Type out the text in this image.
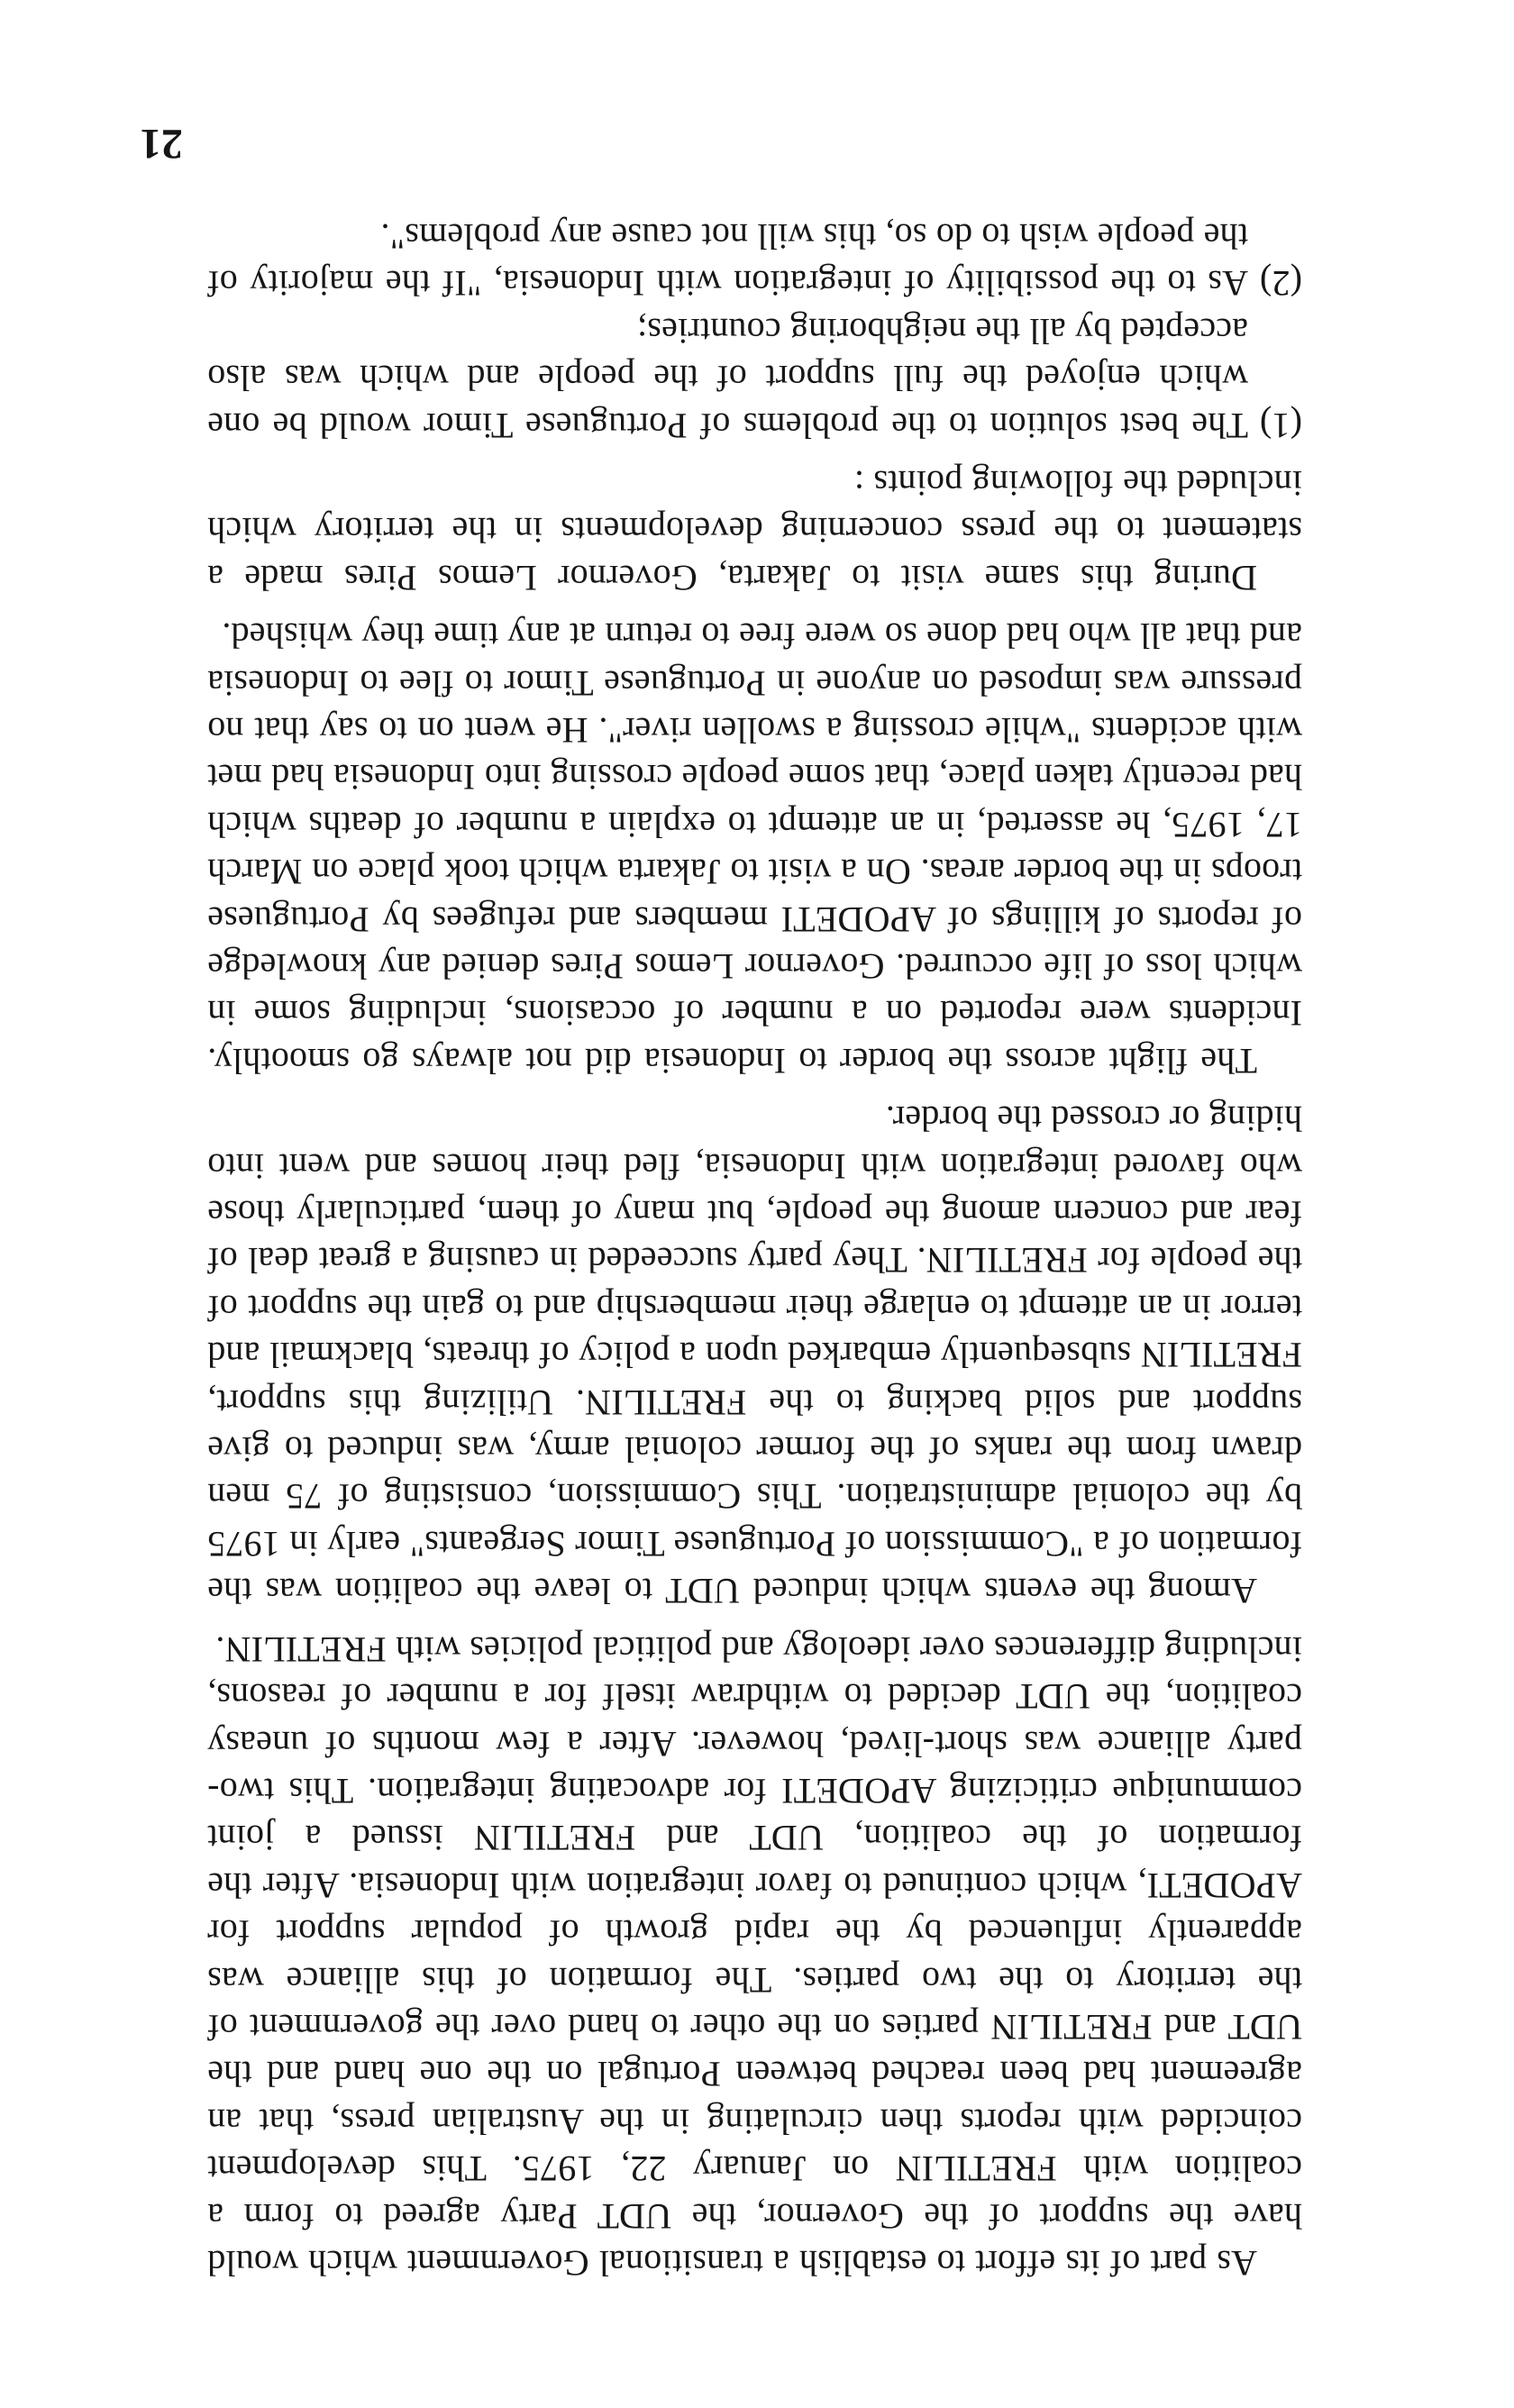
As part of its effort to establish a transitional Government which would have the support of the Governor, the UDT Party agreed to form a coalition with FRETILIN on January 22, 1975. This development coincided with reports then circulating in the Australian press, that an agreement had been reached between Portugal on the one hand and the UDT and FRETILIN parties on the other to hand over the government of the territory to the two parties. The formation of this alliance was apparently influenced by the rapid growth of popular support for APODETI, which continued to favor integration with Indonesia. After the formation of the coalition, UDT and FRETILIN issued a joint communique criticizing APODETI for advocating integration. This two-party alliance was short-lived, however. After a few months of uneasy coalition, the UDT decided to withdraw itself for a number of reasons, including differences over ideology and political policies with FRETILIN.

Among the events which induced UDT to leave the coalition was the formation of a "Commission of Portuguese Timor Sergeants" early in 1975 by the colonial administration. This Commission, consisting of 75 men drawn from the ranks of the former colonial army, was induced to give support and solid backing to the FRETILIN. Utilizing this support, FRETILIN subsequently embarked upon a policy of threats, blackmail and terror in an attempt to enlarge their membership and to gain the support of the people for FRETILIN. They party succeeded in causing a great deal of fear and concern among the people, but many of them, particularly those who favored integration with Indonesia, fled their homes and went into hiding or crossed the border.

The flight across the border to Indonesia did not always go smoothly. Incidents were reported on a number of occasions, including some in which loss of life occurred. Governor Lemos Pires denied any knowledge of reports of killings of APODETI members and refugees by Portuguese troops in the border areas. On a visit to Jakarta which took place on March 17, 1975, he asserted, in an attempt to explain a number of deaths which had recently taken place, that some people crossing into Indonesia had met with accidents "while crossing a swollen river". He went on to say that no pressure was imposed on anyone in Portuguese Timor to flee to Indonesia and that all who had done so were free to return at any time they whished.

During this same visit to Jakarta, Governor Lemos Pires made a statement to the press concerning developments in the territory which included the following points :

(1)
The best solution to the problems of Portuguese Timor would be one which enjoyed the full support of the people and which was also accepted by all the neighboring countries;
(2)
As to the possibility of integration with Indonesia, "If the majority of the people wish to do so, this will not cause any problems".
21
